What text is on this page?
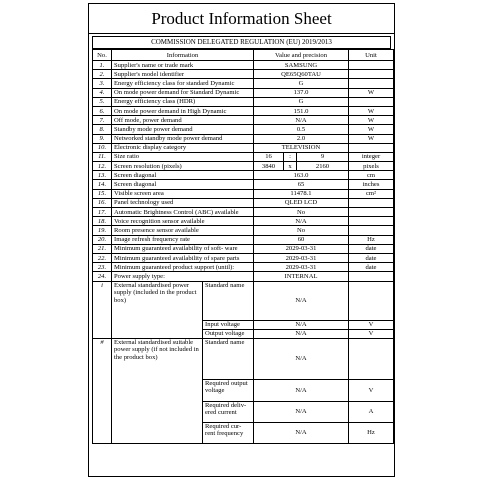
Product Information Sheet
COMMISSION DELEGATED REGULATION (EU) 2019/2013
No.	Information		Value and precision			Unit
1.	Supplier's name or trade mark		SAMSUNG			
2.	Supplier's model identifier		QE65Q60TAU			
3.	Energy efficiency class for standard Dynamic		G			
4.	On mode power demand for Standard Dynamic		137.0			W
5.	Energy efficiency class (HDR)		G			
6.	On mode power demand in High Dynamic		151.0			W
7.	Off mode, power demand		N/A			W
8.	Standby mode power demand		0.5			W
9.	Networked standby mode power demand		2.0			W
10.	Electronic display category		TELEVISION			
11.	Size ratio		16	:	9	integer
12.	Screen resolution (pixels)		3840	x	2160	pixels
13.	Screen diagonal		163.0			cm
14.	Screen diagonal		65			inches
15.	Visible screen area		11478.1			cm²
16.	Panel technology used		QLED LCD			
17.	Automatic Brightness Control (ABC) available		No			
18.	Voice recognition sensor available		N/A			
19.	Room presence sensor available		No			
20.	Image refresh frequency rate		60			Hz
21.	Minimum guaranteed availability of soft- ware		2029-03-31			date
22.	Minimum guaranteed availability of spare parts		2029-03-31			date
23.	Minimum guaranteed product support (until):		2029-03-31			date
24.	Power supply type:		INTERNAL			
i	External standardised power supply (included in the product box)	Standard name	N/A			
		Input voltage	N/A			V
		Output voltage	N/A			V
#	External standardised suitable power supply (if not included in the product box)	Standard name	N/A			
		Required output voltage	N/A			V
		Required deliv- ered current	N/A			A
		Required cur- rent frequency	N/A			Hz
